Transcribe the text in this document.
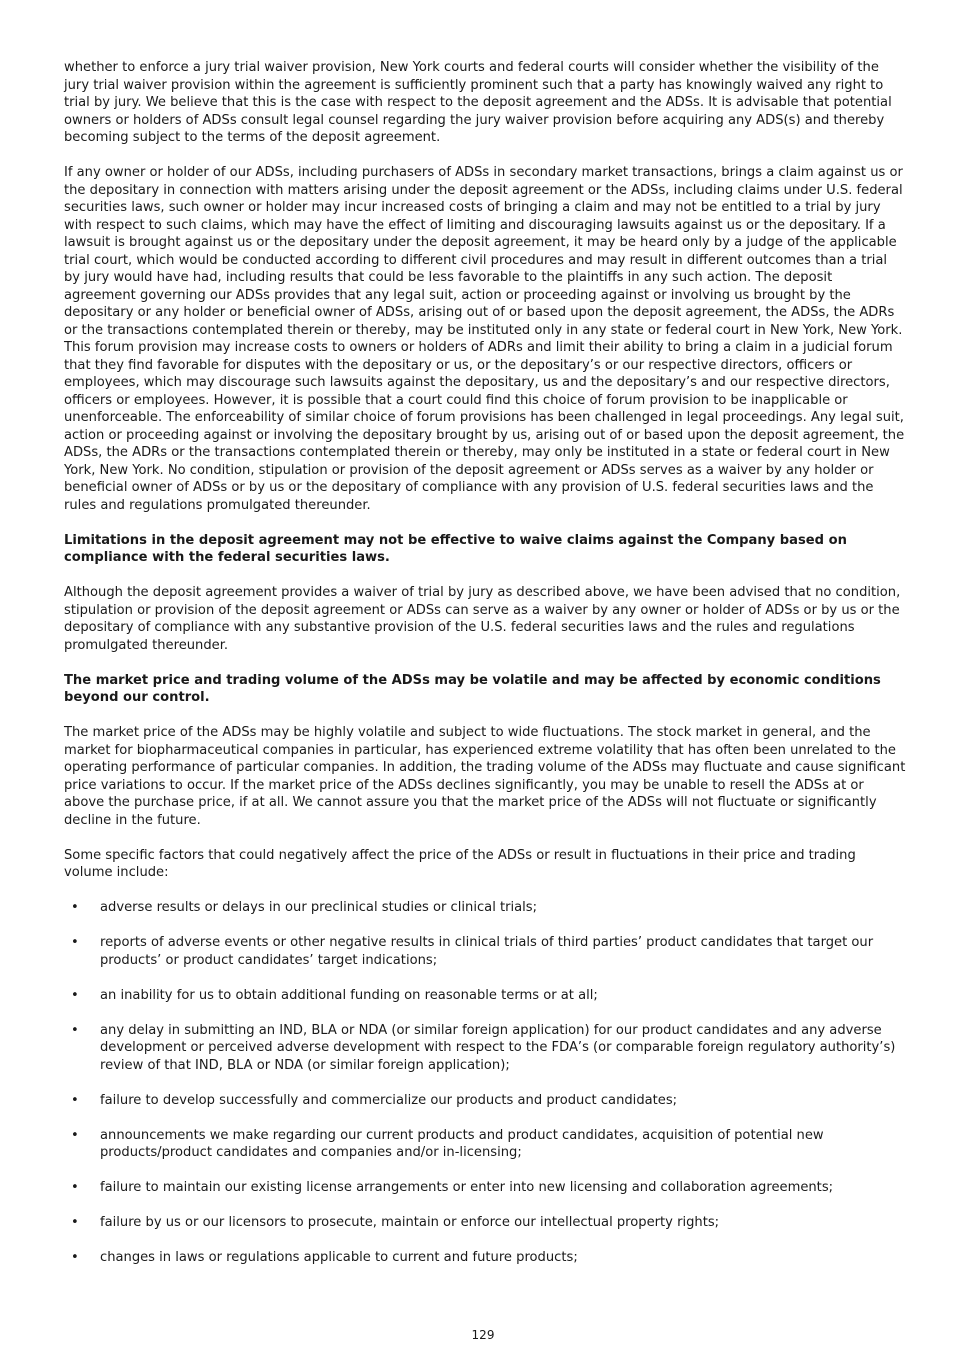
whether to enforce a jury trial waiver provision, New York courts and federal courts will consider whether the visibility of the jury trial waiver provision within the agreement is sufficiently prominent such that a party has knowingly waived any right to trial by jury. We believe that this is the case with respect to the deposit agreement and the ADSs. It is advisable that potential owners or holders of ADSs consult legal counsel regarding the jury waiver provision before acquiring any ADS(s) and thereby becoming subject to the terms of the deposit agreement.

If any owner or holder of our ADSs, including purchasers of ADSs in secondary market transactions, brings a claim against us or the depositary in connection with matters arising under the deposit agreement or the ADSs, including claims under U.S. federal securities laws, such owner or holder may incur increased costs of bringing a claim and may not be entitled to a trial by jury with respect to such claims, which may have the effect of limiting and discouraging lawsuits against us or the depositary. If a lawsuit is brought against us or the depositary under the deposit agreement, it may be heard only by a judge of the applicable trial court, which would be conducted according to different civil procedures and may result in different outcomes than a trial by jury would have had, including results that could be less favorable to the plaintiffs in any such action. The deposit agreement governing our ADSs provides that any legal suit, action or proceeding against or involving us brought by the depositary or any holder or beneficial owner of ADSs, arising out of or based upon the deposit agreement, the ADSs, the ADRs or the transactions contemplated therein or thereby, may be instituted only in any state or federal court in New York, New York. This forum provision may increase costs to owners or holders of ADRs and limit their ability to bring a claim in a judicial forum that they find favorable for disputes with the depositary or us, or the depositary’s or our respective directors, officers or employees, which may discourage such lawsuits against the depositary, us and the depositary’s and our respective directors, officers or employees. However, it is possible that a court could find this choice of forum provision to be inapplicable or unenforceable. The enforceability of similar choice of forum provisions has been challenged in legal proceedings. Any legal suit, action or proceeding against or involving the depositary brought by us, arising out of or based upon the deposit agreement, the ADSs, the ADRs or the transactions contemplated therein or thereby, may only be instituted in a state or federal court in New York, New York. No condition, stipulation or provision of the deposit agreement or ADSs serves as a waiver by any holder or beneficial owner of ADSs or by us or the depositary of compliance with any provision of U.S. federal securities laws and the rules and regulations promulgated thereunder.

Limitations in the deposit agreement may not be effective to waive claims against the Company based on compliance with the federal securities laws.

Although the deposit agreement provides a waiver of trial by jury as described above, we have been advised that no condition, stipulation or provision of the deposit agreement or ADSs can serve as a waiver by any owner or holder of ADSs or by us or the depositary of compliance with any substantive provision of the U.S. federal securities laws and the rules and regulations promulgated thereunder.

The market price and trading volume of the ADSs may be volatile and may be affected by economic conditions beyond our control.

The market price of the ADSs may be highly volatile and subject to wide fluctuations. The stock market in general, and the market for biopharmaceutical companies in particular, has experienced extreme volatility that has often been unrelated to the operating performance of particular companies. In addition, the trading volume of the ADSs may fluctuate and cause significant price variations to occur. If the market price of the ADSs declines significantly, you may be unable to resell the ADSs at or above the purchase price, if at all. We cannot assure you that the market price of the ADSs will not fluctuate or significantly decline in the future.

Some specific factors that could negatively affect the price of the ADSs or result in fluctuations in their price and trading volume include:

• adverse results or delays in our preclinical studies or clinical trials;
• reports of adverse events or other negative results in clinical trials of third parties’ product candidates that target our products’ or product candidates’ target indications;
• an inability for us to obtain additional funding on reasonable terms or at all;
• any delay in submitting an IND, BLA or NDA (or similar foreign application) for our product candidates and any adverse development or perceived adverse development with respect to the FDA’s (or comparable foreign regulatory authority’s) review of that IND, BLA or NDA (or similar foreign application);
• failure to develop successfully and commercialize our products and product candidates;
• announcements we make regarding our current products and product candidates, acquisition of potential new products/product candidates and companies and/or in-licensing;
• failure to maintain our existing license arrangements or enter into new licensing and collaboration agreements;
• failure by us or our licensors to prosecute, maintain or enforce our intellectual property rights;
• changes in laws or regulations applicable to current and future products;
129
